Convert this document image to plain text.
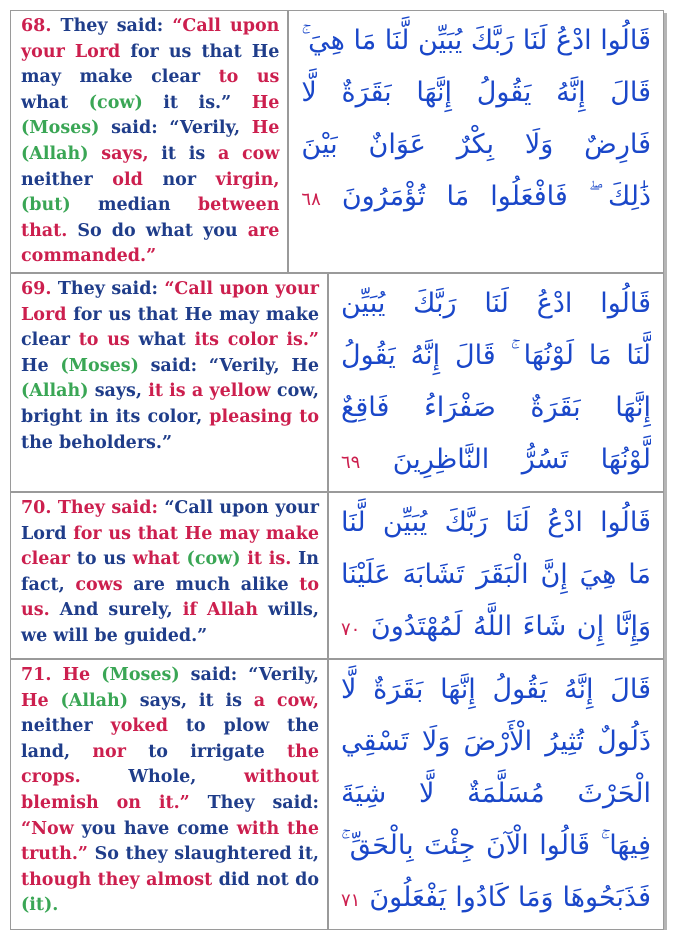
68. They said: “Call upon your Lord for us that He may make clear to us what (cow) it is.” He (Moses) said: “Verily, He (Allah) says, it is a cow neither old nor virgin, (but) median between that. So do what you are commanded.”
قَالُوا ادْعُ لَنَا رَبَّكَ يُبَيِّن لَّنَا مَا هِيَ ۚ
قَالَ إِنَّهُ يَقُولُ إِنَّهَا بَقَرَةٌ لَّا
فَارِضٌ وَلَا بِكْرٌ عَوَانٌ بَيْنَ
ذَٰلِكَ ۖ فَافْعَلُوا مَا تُؤْمَرُونَ ٦٨
69. They said: “Call upon your Lord for us that He may make clear to us what its color is.” He (Moses) said: “Verily, He (Allah) says, it is a yellow cow, bright in its color, pleasing to the beholders.”
قَالُوا ادْعُ لَنَا رَبَّكَ يُبَيِّن
لَّنَا مَا لَوْنُهَا ۚ قَالَ إِنَّهُ يَقُولُ
إِنَّهَا بَقَرَةٌ صَفْرَاءُ فَاقِعٌ
لَّوْنُهَا تَسُرُّ النَّاظِرِينَ ٦٩
70. They said: “Call upon your Lord for us that He may make clear to us what (cow) it is. In fact, cows are much alike to us. And surely, if Allah wills, we will be guided.”
قَالُوا ادْعُ لَنَا رَبَّكَ يُبَيِّن لَّنَا
مَا هِيَ إِنَّ الْبَقَرَ تَشَابَهَ عَلَيْنَا
وَإِنَّا إِن شَاءَ اللَّهُ لَمُهْتَدُونَ ٧٠
71. He (Moses) said: “Verily, He (Allah) says, it is a cow, neither yoked to plow the land, nor to irrigate the crops. Whole, without blemish on it.” They said: “Now you have come with the truth.” So they slaughtered it, though they almost did not do (it).
قَالَ إِنَّهُ يَقُولُ إِنَّهَا بَقَرَةٌ لَّا
ذَلُولٌ تُثِيرُ الْأَرْضَ وَلَا تَسْقِي
الْحَرْثَ مُسَلَّمَةٌ لَّا شِيَةَ
فِيهَا ۚ قَالُوا الْآنَ جِئْتَ بِالْحَقِّ ۚ
فَذَبَحُوهَا وَمَا كَادُوا يَفْعَلُونَ ٧١
